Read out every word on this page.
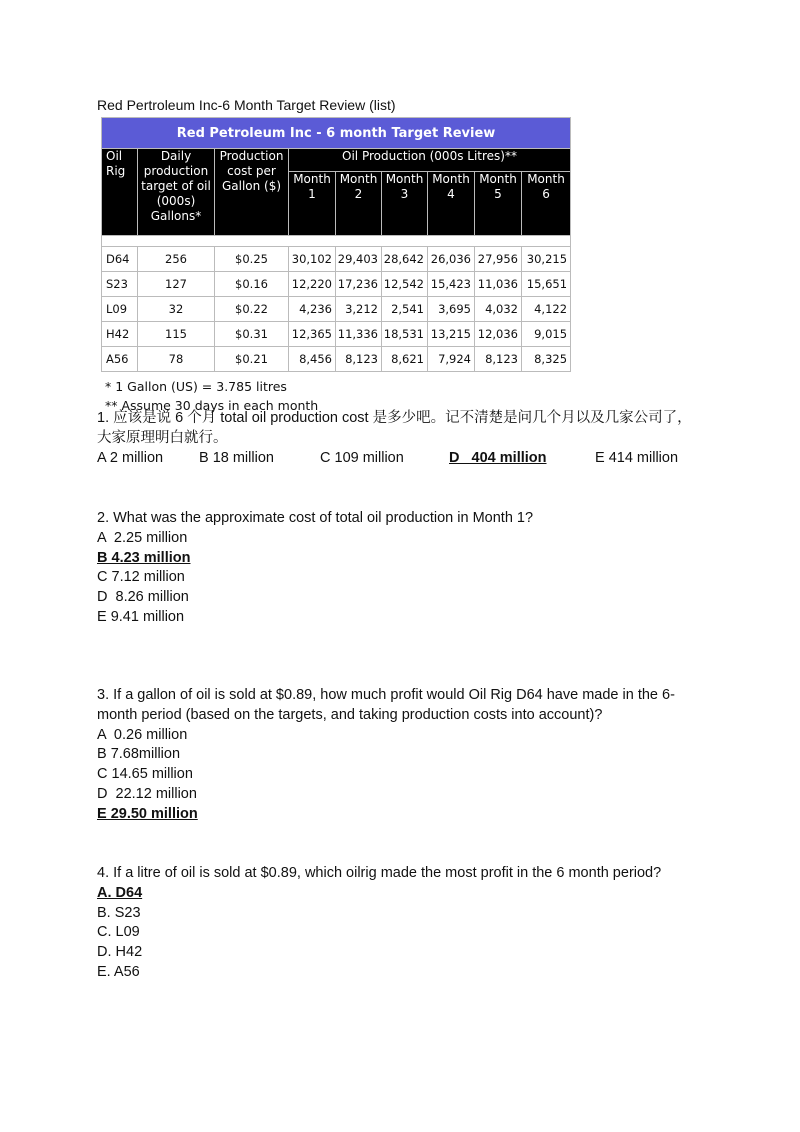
Red Pertroleum Inc-6 Month Target Review (list)
Red Petroleum Inc - 6 month Target Review								
Oil Rig	Daily production target of oil (000s) Gallons*	Production cost per Gallon ($)	Oil Production (000s Litres)**					
			Month 1	Month 2	Month 3	Month 4	Month 5	Month 6

D64	256	$0.25	30,102	29,403	28,642	26,036	27,956	30,215
S23	127	$0.16	12,220	17,236	12,542	15,423	11,036	15,651
L09	32	$0.22	4,236	3,212	2,541	3,695	4,032	4,122
H42	115	$0.31	12,365	11,336	18,531	13,215	12,036	9,015
A56	78	$0.21	8,456	8,123	8,621	7,924	8,123	8,325
* 1 Gallon (US) = 3.785 litres
** Assume 30 days in each month
1. 应该是说 6 个月 total oil production cost 是多少吧。记不清楚是问几个月以及几家公司了，大家原理明白就行。
A 2 million B 18 million	C 109 million	D   404 million	E 414 million
2. What was the approximate cost of total oil production in Month 1?
A  2.25 million
B 4.23 million
C 7.12 million
D  8.26 million
E 9.41 million
3. If a gallon of oil is sold at $0.89, how much profit would Oil Rig D64 have made in the 6-month period (based on the targets, and taking production costs into account)?
A  0.26 million
B 7.68million
C 14.65 million
D  22.12 million
E 29.50 million
4. If a litre of oil is sold at $0.89, which oilrig made the most profit in the 6 month period?
A. D64
B. S23
C. L09
D. H42
E. A56
